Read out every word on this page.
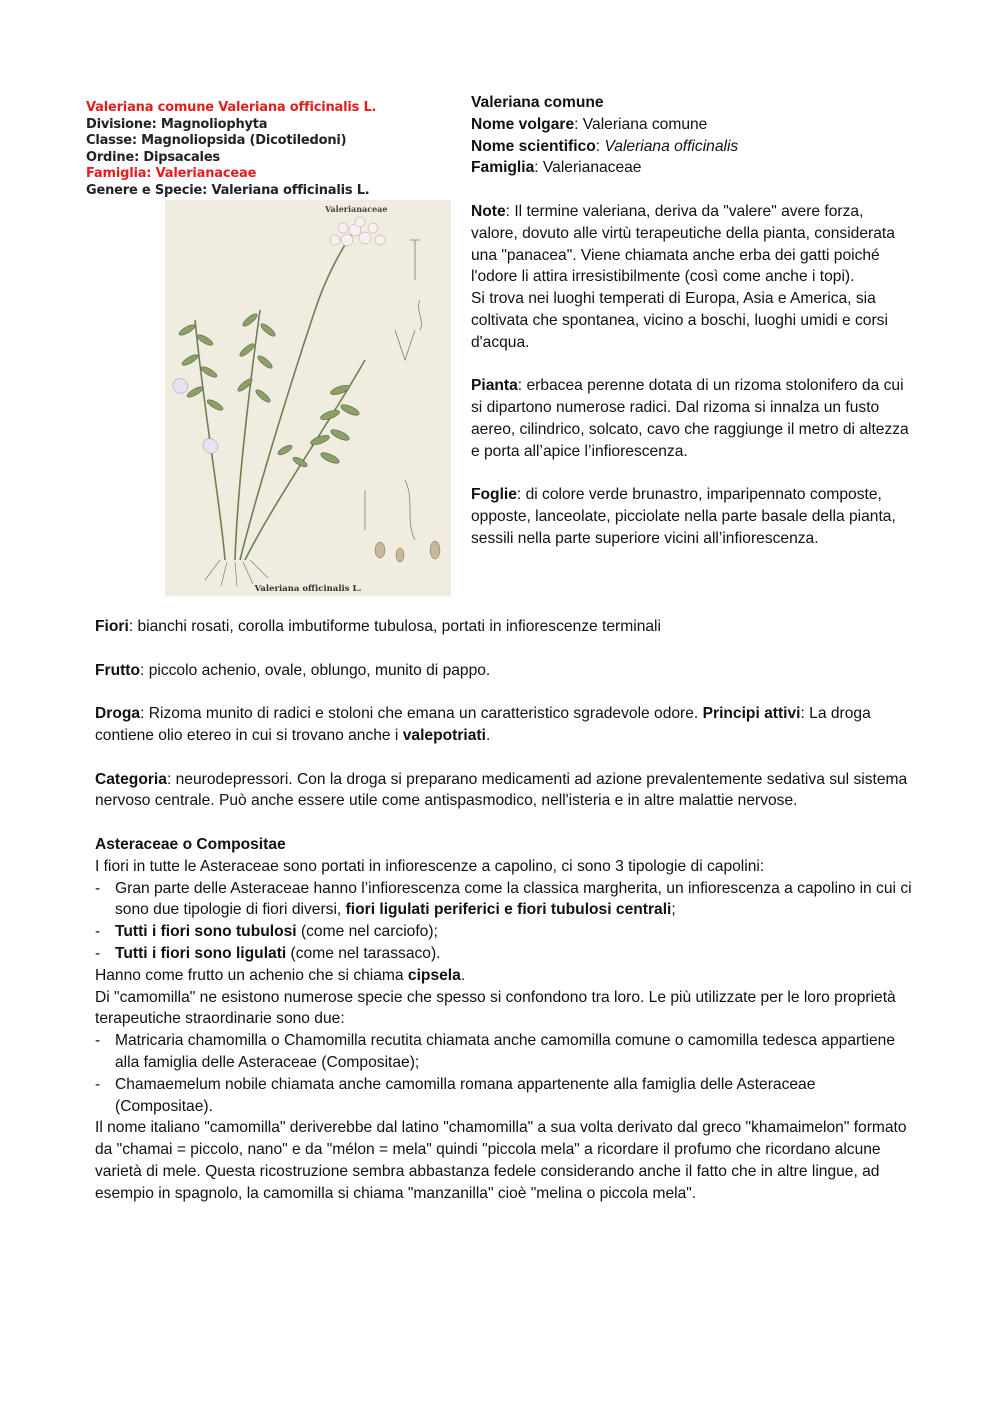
Valeriana comune Valeriana officinalis L.
Divisione: Magnoliophyta
Classe: Magnoliopsida (Dicotiledoni)
Ordine: Dipsacales
Famiglia: Valerianaceae
Genere e Specie: Valeriana officinalis L.
Valerianaceae
Valeriana officinalis L.

Valeriana comune

Nome volgare: Valeriana comune

Nome scientifico: Valeriana officinalis

Famiglia: Valerianaceae

Note: Il termine valeriana, deriva da "valere" avere forza, valore, dovuto alle virtù terapeutiche della pianta, considerata una "panacea". Viene chiamata anche erba dei gatti poiché l'odore li attira irresistibilmente (così come anche i topi).

Si trova nei luoghi temperati di Europa, Asia e America, sia coltivata che spontanea, vicino a boschi, luoghi umidi e corsi d'acqua.

Pianta: erbacea perenne dotata di un rizoma stolonifero da cui si dipartono numerose radici. Dal rizoma si innalza un fusto aereo, cilindrico, solcato, cavo che raggiunge il metro di altezza e porta all’apice l’infiorescenza.

Foglie: di colore verde brunastro, imparipennato composte, opposte, lanceolate, picciolate nella parte basale della pianta, sessili nella parte superiore vicini all’infiorescenza.

Fiori: bianchi rosati, corolla imbutiforme tubulosa, portati in infiorescenze terminali

Frutto: piccolo achenio, ovale, oblungo, munito di pappo.

Droga: Rizoma munito di radici e stoloni che emana un caratteristico sgradevole odore. Principi attivi: La droga contiene olio etereo in cui si trovano anche i valepotriati.

Categoria: neurodepressori. Con la droga si preparano medicamenti ad azione prevalentemente sedativa sul sistema nervoso centrale. Può anche essere utile come antispasmodico, nell'isteria e in altre malattie nervose.

Asteraceae o Compositae

I fiori in tutte le Asteraceae sono portati in infiorescenze a capolino, ci sono 3 tipologie di capolini:

- Gran parte delle Asteraceae hanno l’infiorescenza come la classica margherita, un infiorescenza a capolino in cui ci sono due tipologie di fiori diversi, fiori ligulati periferici e fiori tubulosi centrali;
- Tutti i fiori sono tubulosi (come nel carciofo);
- Tutti i fiori sono ligulati (come nel tarassaco).

Hanno come frutto un achenio che si chiama cipsela.

Di "camomilla" ne esistono numerose specie che spesso si confondono tra loro. Le più utilizzate per le loro proprietà terapeutiche straordinarie sono due:

- Matricaria chamomilla o Chamomilla recutita chiamata anche camomilla comune o camomilla tedesca appartiene alla famiglia delle Asteraceae (Compositae);
- Chamaemelum nobile chiamata anche camomilla romana appartenente alla famiglia delle Asteraceae (Compositae).

Il nome italiano "camomilla" deriverebbe dal latino "chamomilla" a sua volta derivato dal greco "khamaimelon" formato da "chamai = piccolo, nano" e da "mélon = mela" quindi "piccola mela" a ricordare il profumo che ricordano alcune varietà di mele. Questa ricostruzione sembra abbastanza fedele considerando anche il fatto che in altre lingue, ad esempio in spagnolo, la camomilla si chiama "manzanilla" cioè "melina o piccola mela".
